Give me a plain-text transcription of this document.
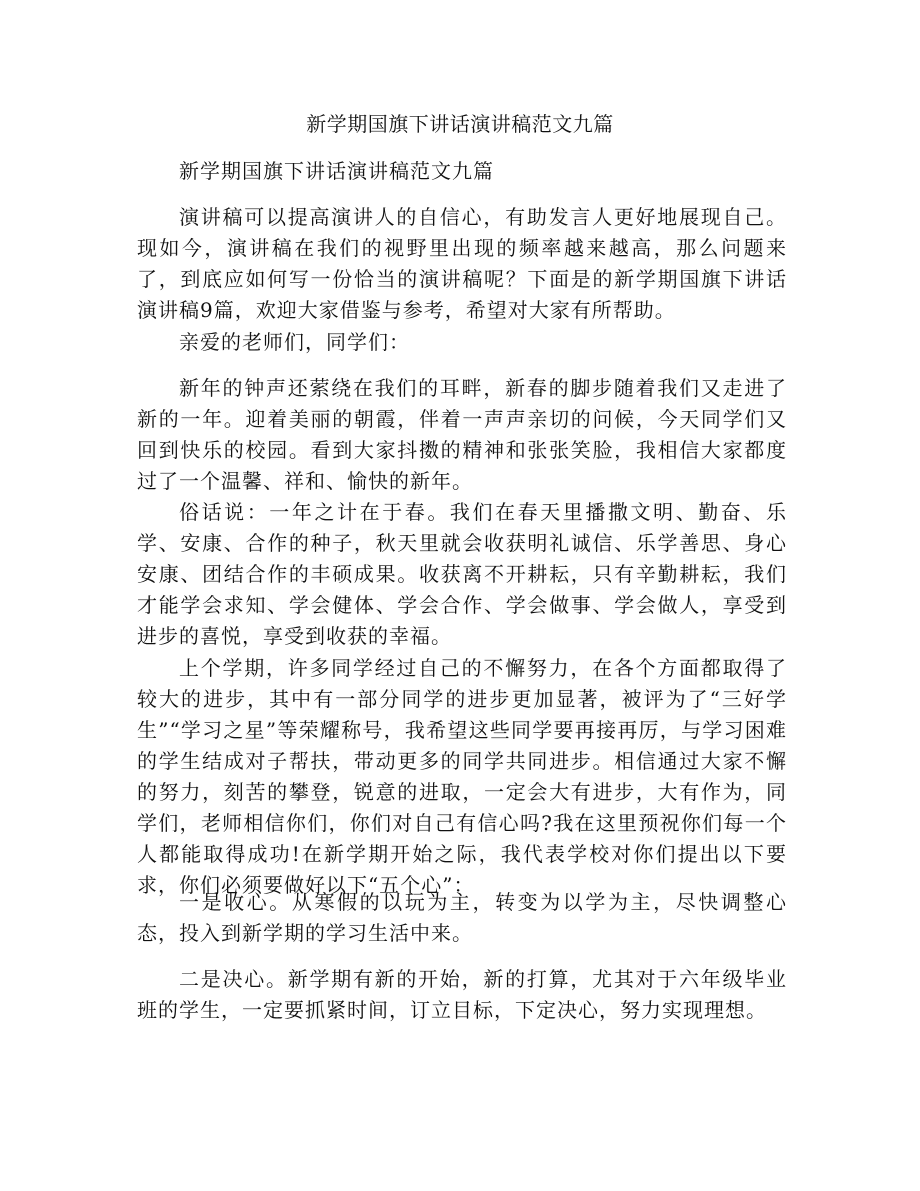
新学期国旗下讲话演讲稿范文九篇

新学期国旗下讲话演讲稿范文九篇

演讲稿可以提高演讲人的自信心，有助发言人更好地展现自己。现如今，演讲稿在我们的视野里出现的频率越来越高，那么问题来了，到底应如何写一份恰当的演讲稿呢？下面是的新学期国旗下讲话演讲稿9篇，欢迎大家借鉴与参考，希望对大家有所帮助。

亲爱的老师们，同学们：

新年的钟声还萦绕在我们的耳畔，新春的脚步随着我们又走进了新的一年。迎着美丽的朝霞，伴着一声声亲切的问候，今天同学们又回到快乐的校园。看到大家抖擞的精神和张张笑脸，我相信大家都度过了一个温馨、祥和、愉快的新年。

俗话说：一年之计在于春。我们在春天里播撒文明、勤奋、乐学、安康、合作的种子，秋天里就会收获明礼诚信、乐学善思、身心安康、团结合作的丰硕成果。收获离不开耕耘，只有辛勤耕耘，我们才能学会求知、学会健体、学会合作、学会做事、学会做人，享受到进步的喜悦，享受到收获的幸福。

上个学期，许多同学经过自己的不懈努力，在各个方面都取得了较大的进步，其中有一部分同学的进步更加显著，被评为了“三好学生”“学习之星”等荣耀称号，我希望这些同学要再接再厉，与学习困难的学生结成对子帮扶，带动更多的同学共同进步。相信通过大家不懈的努力，刻苦的攀登，锐意的进取，一定会大有进步，大有作为，同学们，老师相信你们，你们对自己有信心吗?我在这里预祝你们每一个人都能取得成功!在新学期开始之际，我代表学校对你们提出以下要求，你们必须要做好以下“五个心”：

一是收心。从寒假的以玩为主，转变为以学为主，尽快调整心态，投入到新学期的学习生活中来。

二是决心。新学期有新的开始，新的打算，尤其对于六年级毕业班的学生，一定要抓紧时间，订立目标，下定决心，努力实现理想。
